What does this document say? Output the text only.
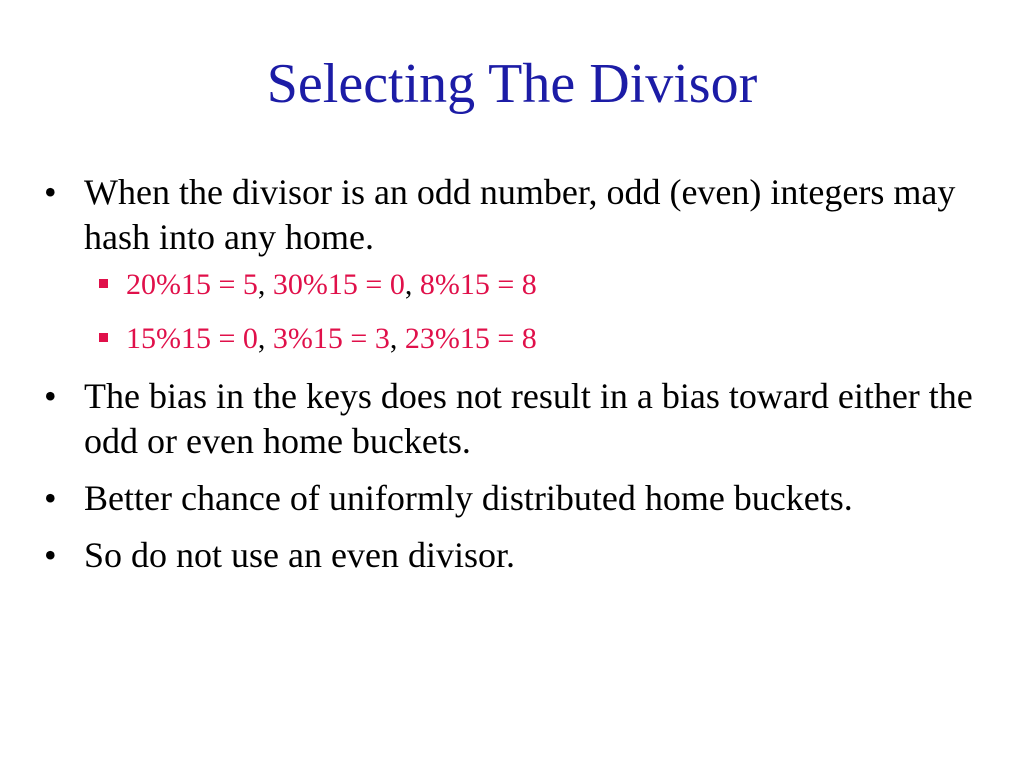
Selecting The Divisor
• When the divisor is an odd number, odd (even) integers may hash into any home.
20%15 = 5, 30%15 = 0, 8%15 = 8
15%15 = 0, 3%15 = 3, 23%15 = 8
• The bias in the keys does not result in a bias toward either the odd or even home buckets.
• Better chance of uniformly distributed home buckets.
• So do not use an even divisor.
